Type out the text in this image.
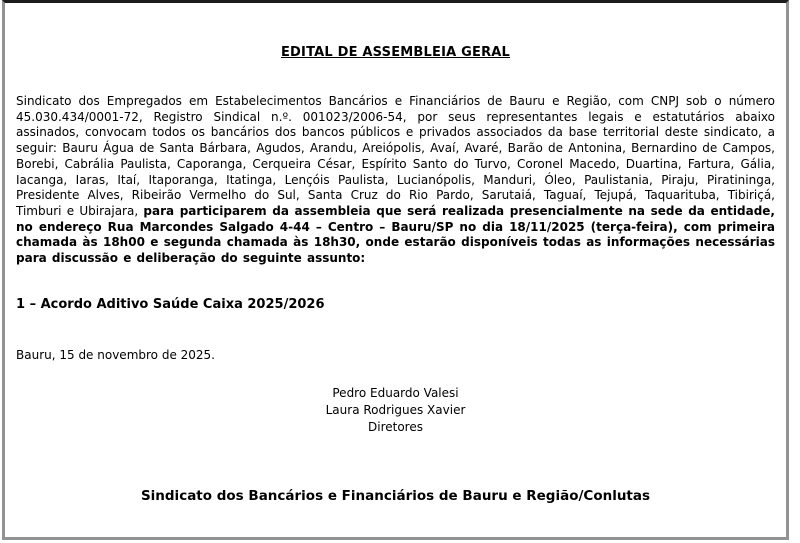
EDITAL DE ASSEMBLEIA GERAL

Sindicato dos Empregados em Estabelecimentos Bancários e Financiários de Bauru e Região, com CNPJ sob o número 45.030.434/0001-72, Registro Sindical n.º. 001023/2006-54, por seus representantes legais e estatutários abaixo assinados, convocam todos os bancários dos bancos públicos e privados associados da base territorial deste sindicato, a seguir: Bauru Água de Santa Bárbara, Agudos, Arandu, Areiópolis, Avaí, Avaré, Barão de Antonina, Bernardino de Campos, Borebi, Cabrália Paulista, Caporanga, Cerqueira César, Espírito Santo do Turvo, Coronel Macedo, Duartina, Fartura, Gália, Iacanga, Iaras, Itaí, Itaporanga, Itatinga, Lençóis Paulista, Lucianópolis, Manduri, Óleo, Paulistania, Piraju, Piratininga, Presidente Alves, Ribeirão Vermelho do Sul, Santa Cruz do Rio Pardo, Sarutaiá, Taguaí, Tejupá, Taquarituba, Tibiriçá, Timburi e Ubirajara, para participarem da assembleia que será realizada presencialmente na sede da entidade, no endereço Rua Marcondes Salgado 4-44 – Centro – Bauru/SP no dia 18/11/2025 (terça-feira), com primeira chamada às 18h00 e segunda chamada às 18h30, onde estarão disponíveis todas as informações necessárias para discussão e deliberação do seguinte assunto:

1 – Acordo Aditivo Saúde Caixa 2025/2026

Bauru, 15 de novembro de 2025.

Pedro Eduardo Valesi
Laura Rodrigues Xavier
Diretores
Sindicato dos Bancários e Financiários de Bauru e Região/Conlutas
